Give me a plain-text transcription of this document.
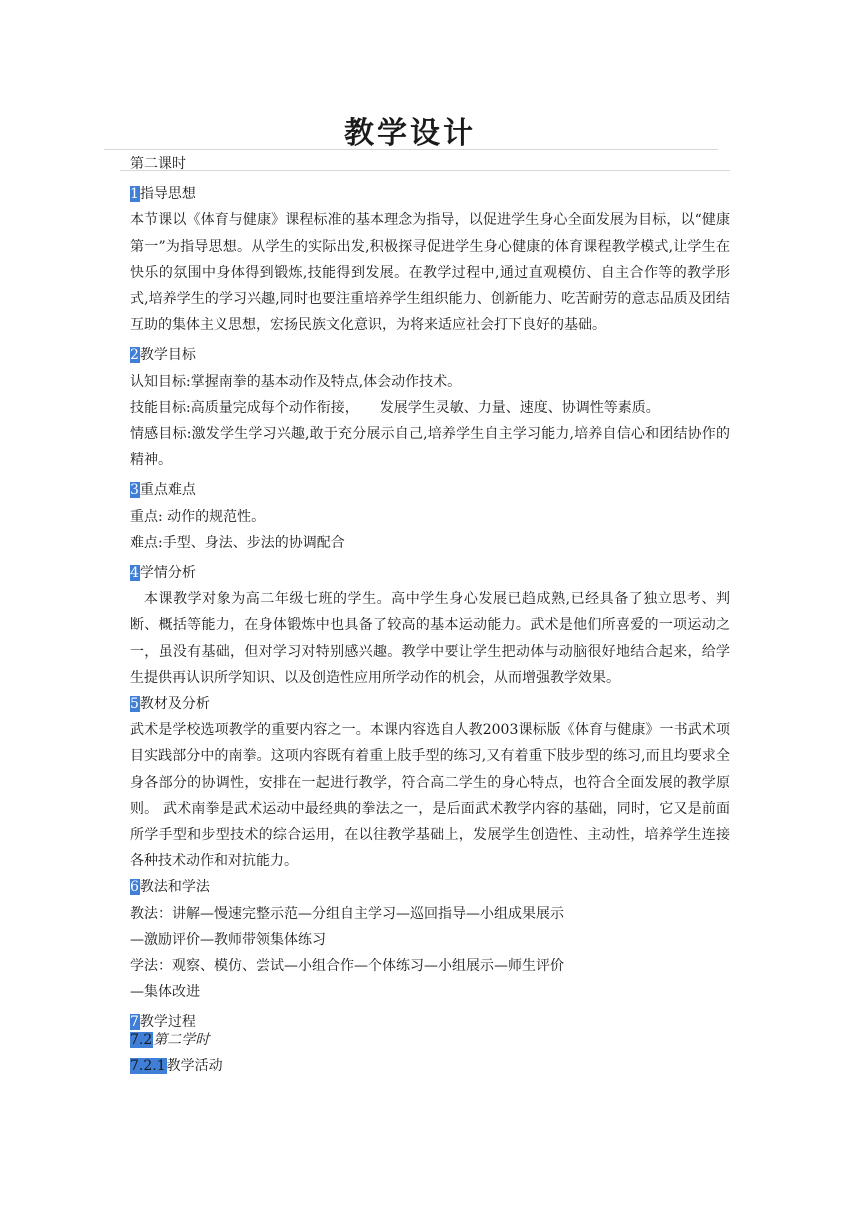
教学设计
第二课时
1指导思想
本节课以《体育与健康》课程标准的基本理念为指导，以促进学生身心全面发展为目标，以“健康第一”为指导思想。从学生的实际出发,积极探寻促进学生身心健康的体育课程教学模式,让学生在快乐的氛围中身体得到锻炼,技能得到发展。在教学过程中,通过直观模仿、自主合作等的教学形式,培养学生的学习兴趣,同时也要注重培养学生组织能力、创新能力、吃苦耐劳的意志品质及团结互助的集体主义思想，宏扬民族文化意识，为将来适应社会打下良好的基础。
2教学目标
认知目标:掌握南拳的基本动作及特点,体会动作技术。
技能目标:高质量完成每个动作衔接，　　发展学生灵敏、力量、速度、协调性等素质。
情感目标:激发学生学习兴趣,敢于充分展示自己,培养学生自主学习能力,培养自信心和团结协作的精神。
3重点难点
重点: 动作的规范性。
难点:手型、身法、步法的协调配合
4学情分析
本课教学对象为高二年级七班的学生。高中学生身心发展已趋成熟,已经具备了独立思考、判断、概括等能力，在身体锻炼中也具备了较高的基本运动能力。武术是他们所喜爱的一项运动之一，虽没有基础，但对学习对特别感兴趣。教学中要让学生把动体与动脑很好地结合起来，给学生提供再认识所学知识、以及创造性应用所学动作的机会，从而增强教学效果。
5教材及分析
武术是学校选项教学的重要内容之一。本课内容选自人教2003课标版《体育与健康》一书武术项目实践部分中的南拳。这项内容既有着重上肢手型的练习,又有着重下肢步型的练习,而且均要求全身各部分的协调性，安排在一起进行教学，符合高二学生的身心特点，也符合全面发展的教学原则。 武术南拳是武术运动中最经典的拳法之一，是后面武术教学内容的基础，同时，它又是前面所学手型和步型技术的综合运用，在以往教学基础上，发展学生创造性、主动性，培养学生连接各种技术动作和对抗能力。
6教法和学法
教法：讲解—慢速完整示范—分组自主学习—巡回指导—小组成果展示
—激励评价—教师带领集体练习
学法：观察、模仿、尝试—小组合作—个体练习—小组展示—师生评价
—集体改进
7教学过程
7.2第二学时
7.2.1教学活动
